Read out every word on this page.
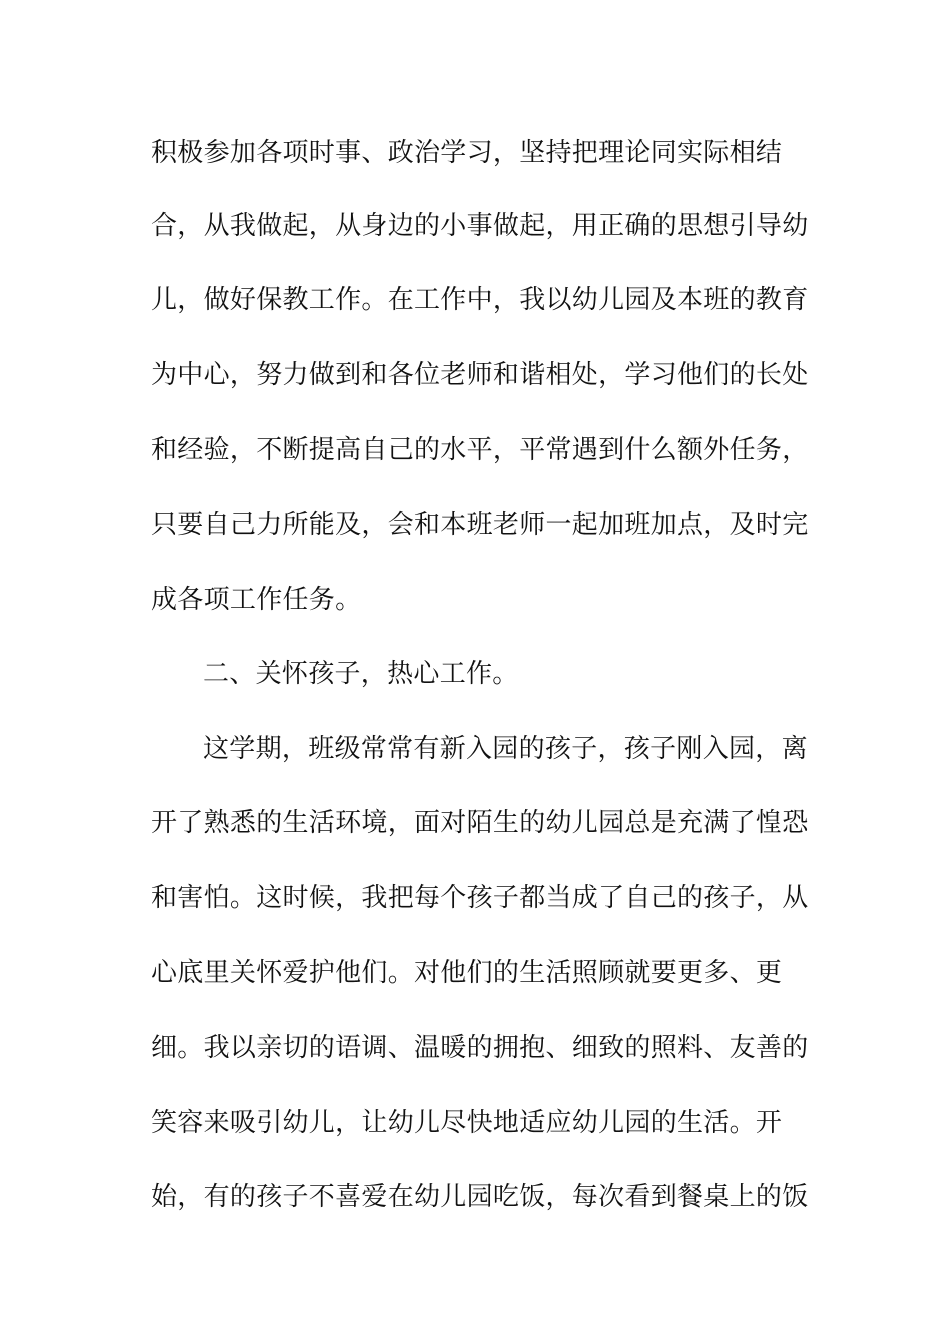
积极参加各项时事、政治学习，坚持把理论同实际相结
合，从我做起，从身边的小事做起，用正确的思想引导幼
儿，做好保教工作。在工作中，我以幼儿园及本班的教育
为中心，努力做到和各位老师和谐相处，学习他们的长处
和经验，不断提高自己的水平，平常遇到什么额外任务，
只要自己力所能及，会和本班老师一起加班加点，及时完
成各项工作任务。
二、关怀孩子，热心工作。
这学期，班级常常有新入园的孩子，孩子刚入园，离
开了熟悉的生活环境，面对陌生的幼儿园总是充满了惶恐
和害怕。这时候，我把每个孩子都当成了自己的孩子，从
心底里关怀爱护他们。对他们的生活照顾就要更多、更
细。我以亲切的语调、温暖的拥抱、细致的照料、友善的
笑容来吸引幼儿，让幼儿尽快地适应幼儿园的生活。开
始，有的孩子不喜爱在幼儿园吃饭，每次看到餐桌上的饭
